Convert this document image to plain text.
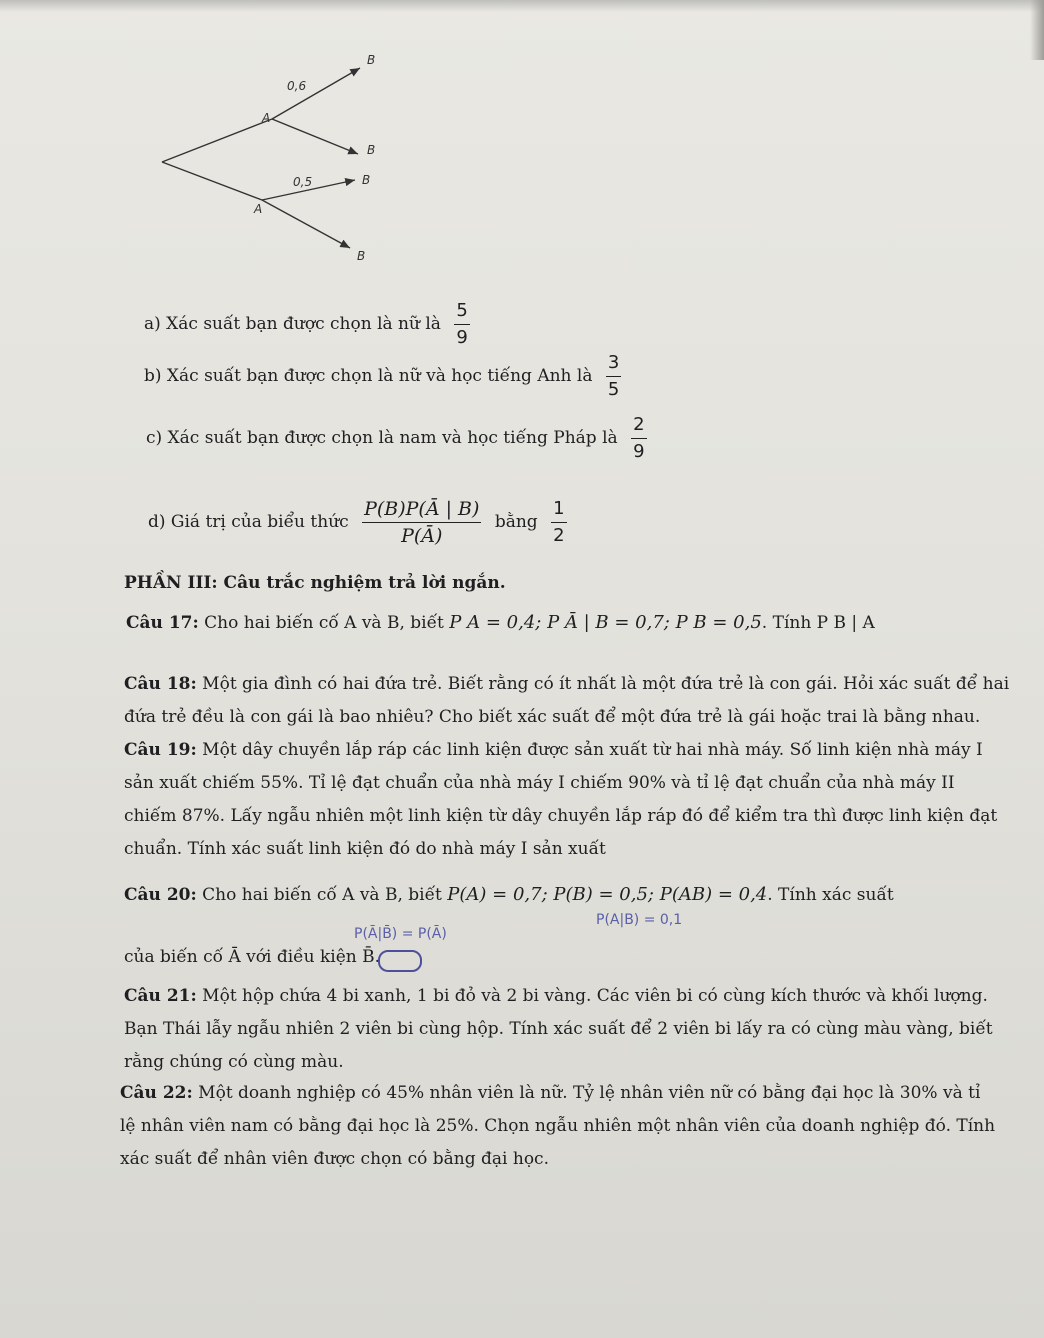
0,6
A
B
B
0,5	B
A
B
a) Xác suất bạn được chọn là nữ là $\frac{5}{9}$
b) Xác suất bạn được chọn là nữ và học tiếng Anh là $\frac{3}{5}$
c) Xác suất bạn được chọn là nam và học tiếng Pháp là $\frac{2}{9}$
d) Giá trị của biểu thức $\frac{P(B)P(Ā | B)}{P(Ā)}$ bằng $\frac{1}{2}$
PHẦN III: Câu trắc nghiệm trả lời ngắn.
Câu 17: Cho hai biến cố A và B, biết P A = 0,4; P Ā | B = 0,7; P B = 0,5. Tính P B | A
Câu 18: Một gia đình có hai đứa trẻ. Biết rằng có ít nhất là một đứa trẻ là con gái. Hỏi xác suất để hai
đứa trẻ đều là con gái là bao nhiêu? Cho biết xác suất để một đứa trẻ là gái hoặc trai là bằng nhau.
Câu 19: Một dây chuyền lắp ráp các linh kiện được sản xuất từ hai nhà máy. Số linh kiện nhà máy I
sản xuất chiếm 55%. Tỉ lệ đạt chuẩn của nhà máy I chiếm 90% và tỉ lệ đạt chuẩn của nhà máy II
chiếm 87%. Lấy ngẫu nhiên một linh kiện từ dây chuyền lắp ráp đó để kiểm tra thì được linh kiện đạt
chuẩn. Tính xác suất linh kiện đó do nhà máy I sản xuất
Câu 20: Cho hai biến cố A và B, biết P(A) = 0,7; P(B) = 0,5; P(AB) = 0,4. Tính xác suất
của biến cố Ā với điều kiện B̄.
P(Ā|B̄) = P(Ā)
P(A|B) = 0,1
Câu 21: Một hộp chứa 4 bi xanh, 1 bi đỏ và 2 bi vàng. Các viên bi có cùng kích thước và khối lượng.
Bạn Thái lẫy ngẫu nhiên 2 viên bi cùng hộp. Tính xác suất để 2 viên bi lấy ra có cùng màu vàng, biết
rằng chúng có cùng màu.
Câu 22: Một doanh nghiệp có 45% nhân viên là nữ. Tỷ lệ nhân viên nữ có bằng đại học là 30% và tỉ
lệ nhân viên nam có bằng đại học là 25%. Chọn ngẫu nhiên một nhân viên của doanh nghiệp đó. Tính
xác suất để nhân viên được chọn có bằng đại học.
